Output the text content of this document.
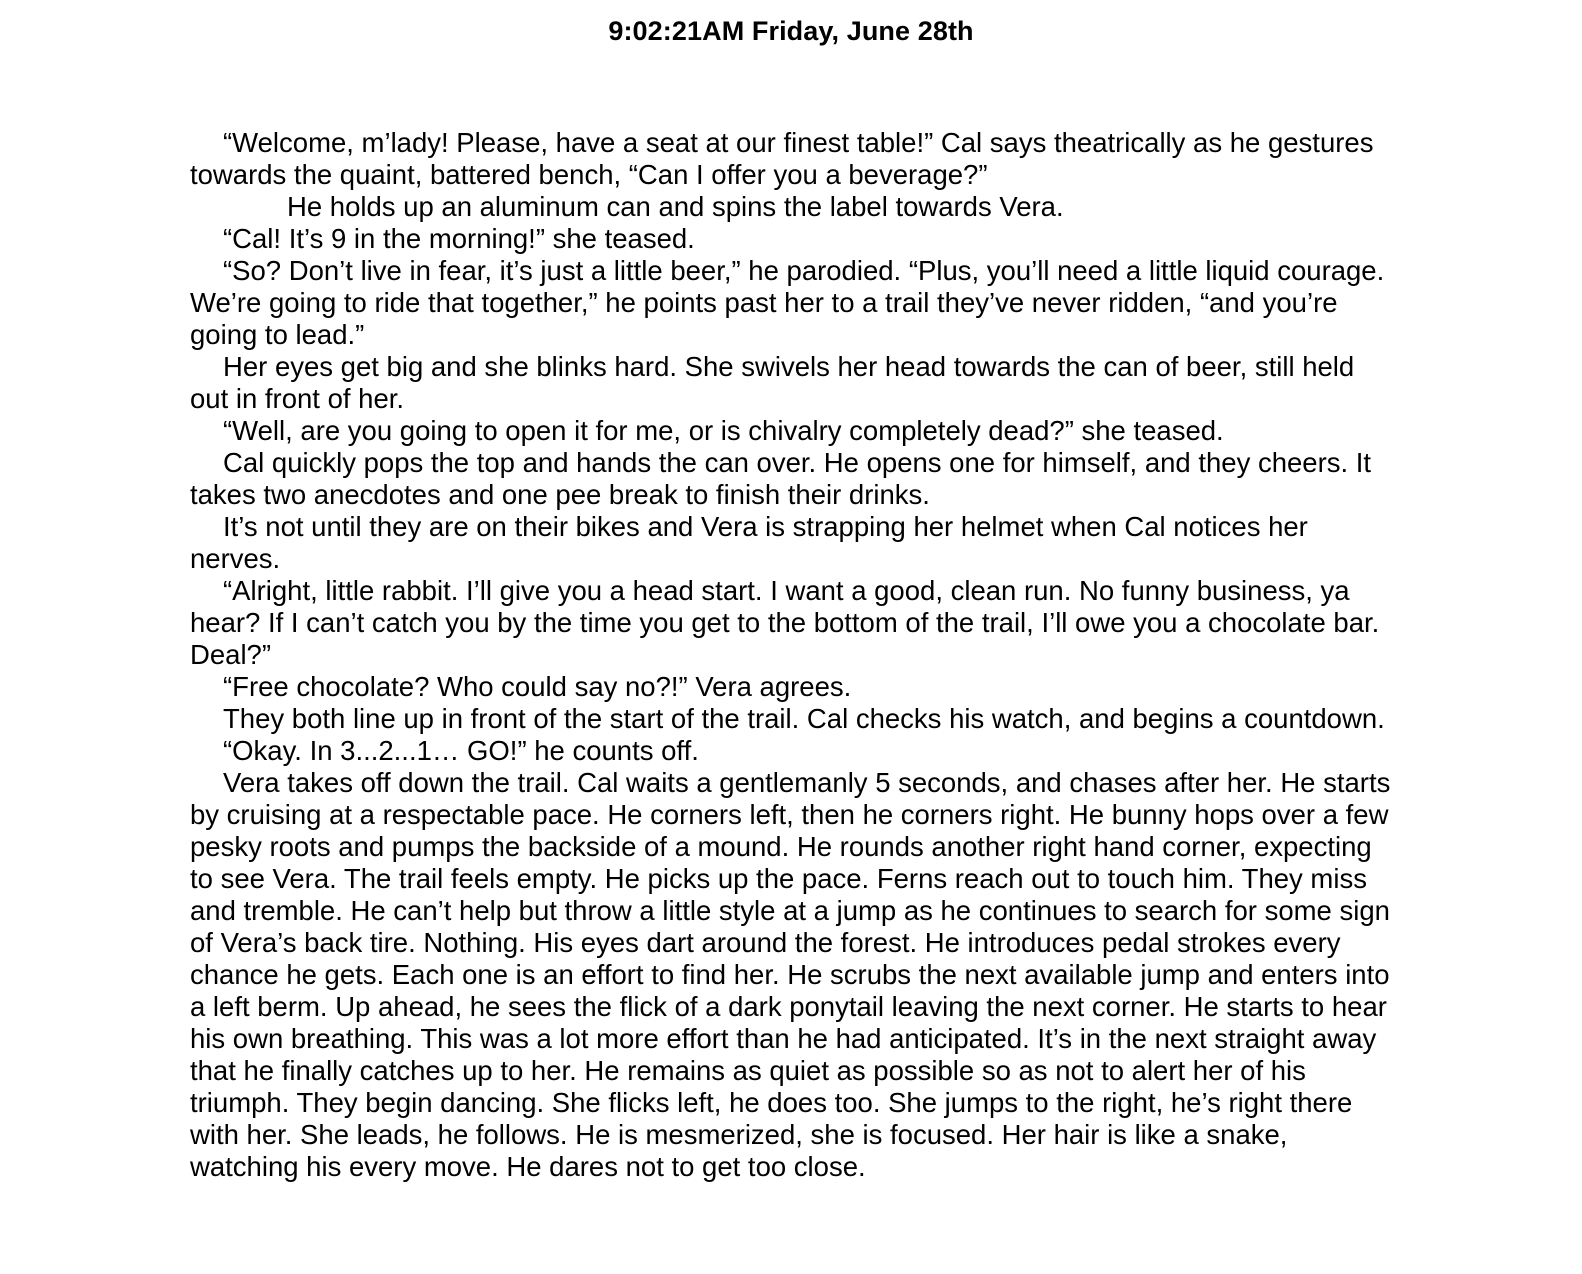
9:02:21AM Friday, June 28th

“Welcome, m’lady! Please, have a seat at our finest table!” Cal says theatrically as he gestures towards the quaint, battered bench, “Can I offer you a beverage?”

He holds up an aluminum can and spins the label towards Vera.

“Cal! It’s 9 in the morning!” she teased.

“So? Don’t live in fear, it’s just a little beer,” he parodied. “Plus, you’ll need a little liquid courage. We’re going to ride that together,” he points past her to a trail they’ve never ridden, “and you’re going to lead.”

Her eyes get big and she blinks hard. She swivels her head towards the can of beer, still held out in front of her.

“Well, are you going to open it for me, or is chivalry completely dead?” she teased.

Cal quickly pops the top and hands the can over. He opens one for himself, and they cheers. It takes two anecdotes and one pee break to finish their drinks.

It’s not until they are on their bikes and Vera is strapping her helmet when Cal notices her nerves.

“Alright, little rabbit. I’ll give you a head start. I want a good, clean run. No funny business, ya hear? If I can’t catch you by the time you get to the bottom of the trail, I’ll owe you a chocolate bar. Deal?”

“Free chocolate? Who could say no?!” Vera agrees.

They both line up in front of the start of the trail. Cal checks his watch, and begins a countdown.

“Okay. In 3...2...1… GO!” he counts off.

Vera takes off down the trail. Cal waits a gentlemanly 5 seconds, and chases after her. He starts by cruising at a respectable pace. He corners left, then he corners right. He bunny hops over a few pesky roots and pumps the backside of a mound. He rounds another right hand corner, expecting to see Vera. The trail feels empty. He picks up the pace. Ferns reach out to touch him. They miss and tremble. He can’t help but throw a little style at a jump as he continues to search for some sign of Vera’s back tire. Nothing. His eyes dart around the forest. He introduces pedal strokes every chance he gets. Each one is an effort to find her. He scrubs the next available jump and enters into a left berm. Up ahead, he sees the flick of a dark ponytail leaving the next corner. He starts to hear his own breathing. This was a lot more effort than he had anticipated. It’s in the next straight away that he finally catches up to her. He remains as quiet as possible so as not to alert her of his triumph. They begin dancing. She flicks left, he does too. She jumps to the right, he’s right there with her. She leads, he follows. He is mesmerized, she is focused. Her hair is like a snake, watching his every move. He dares not to get too close.
